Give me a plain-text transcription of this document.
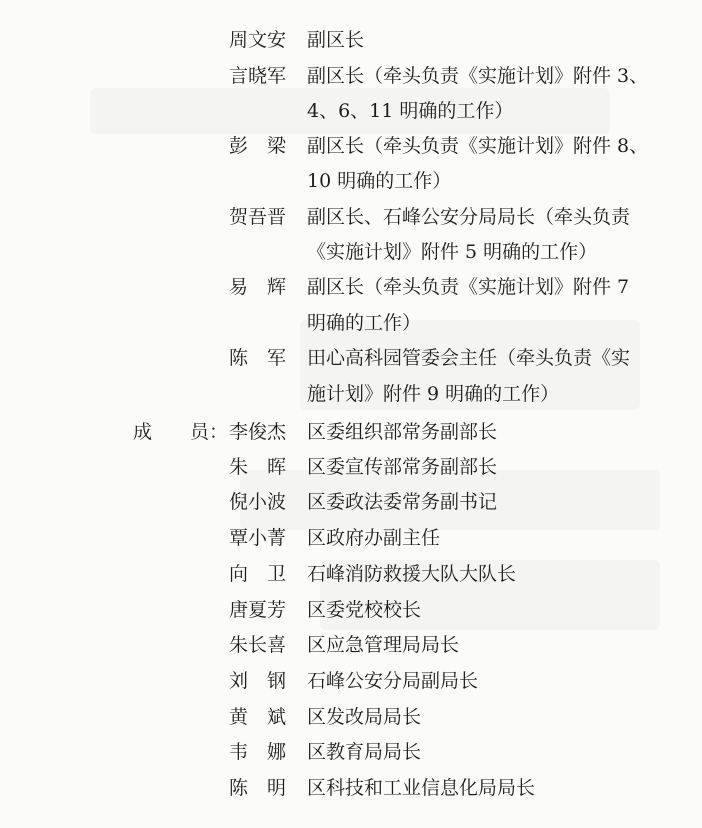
周文安	副区长
言晓军	副区长（牵头负责《实施计划》附件 3、
4、6、11 明确的工作）
彭　梁	副区长（牵头负责《实施计划》附件 8、
10 明确的工作）
贺吾晋	副区长、石峰公安分局局长（牵头负责
《实施计划》附件 5 明确的工作）
易　辉	副区长（牵头负责《实施计划》附件 7
明确的工作）
陈　军	田心高科园管委会主任（牵头负责《实
施计划》附件 9 明确的工作）
成　　员： 李俊杰	区委组织部常务副部长
朱　晖	区委宣传部常务副部长
倪小波	区委政法委常务副书记
覃小菁	区政府办副主任
向　卫	石峰消防救援大队大队长
唐夏芳	区委党校校长
朱长喜	区应急管理局局长
刘　钢	石峰公安分局副局长
黄　斌	区发改局局长
韦　娜	区教育局局长
陈　明	区科技和工业信息化局局长
